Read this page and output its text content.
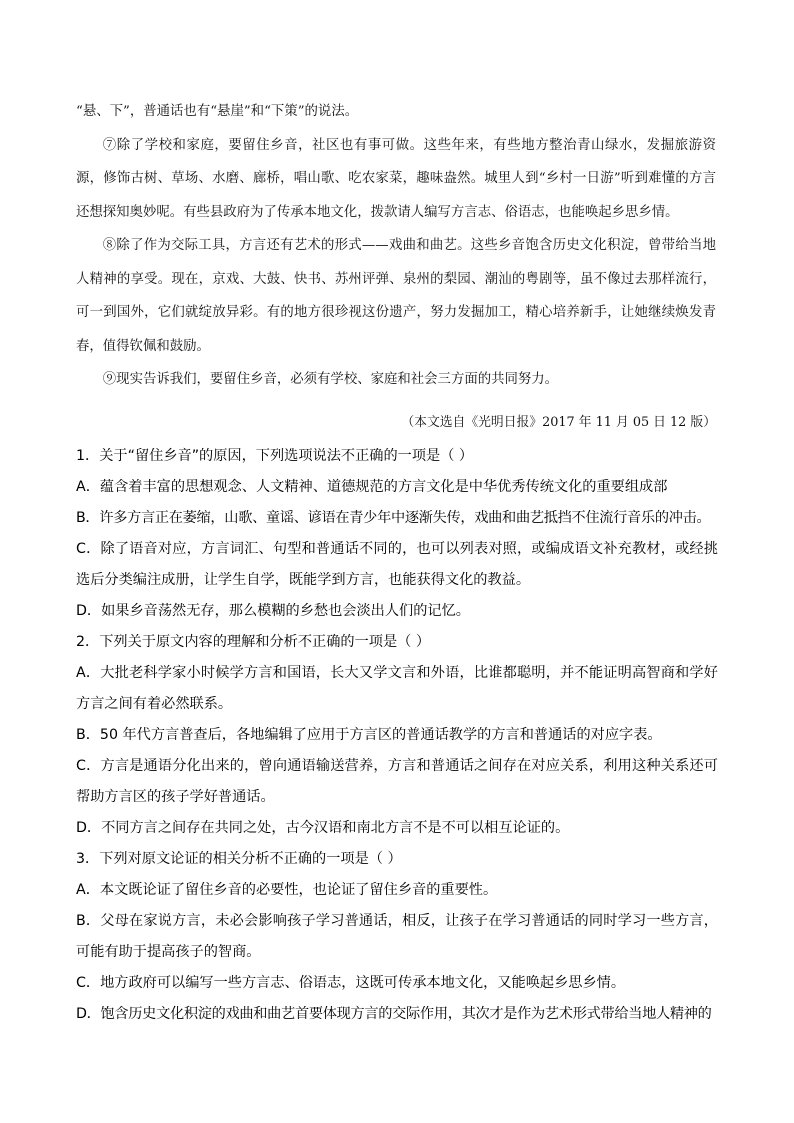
“悬、下”，普通话也有“悬崖”和“下策”的说法。

⑦除了学校和家庭，要留住乡音，社区也有事可做。这些年来，有些地方整治青山绿水，发掘旅游资源，修饰古树、草场、水磨、廊桥，唱山歌、吃农家菜，趣味盎然。城里人到“乡村一日游”听到难懂的方言还想探知奥妙呢。有些县政府为了传承本地文化，拨款请人编写方言志、俗语志，也能唤起乡思乡情。

⑧除了作为交际工具，方言还有艺术的形式——戏曲和曲艺。这些乡音饱含历史文化积淀，曾带给当地人精神的享受。现在，京戏、大鼓、快书、苏州评弹、泉州的梨园、潮汕的粤剧等，虽不像过去那样流行，可一到国外，它们就绽放异彩。有的地方很珍视这份遗产，努力发掘加工，精心培养新手，让她继续焕发青春，值得钦佩和鼓励。

⑨现实告诉我们，要留住乡音，必须有学校、家庭和社会三方面的共同努力。

（本文选自《光明日报》2017 年 11 月 05 日 12 版）

1．关于“留住乡音”的原因，下列选项说法不正确的一项是（ ）

A．蕴含着丰富的思想观念、人文精神、道德规范的方言文化是中华优秀传统文化的重要组成部

B．许多方言正在萎缩，山歌、童谣、谚语在青少年中逐渐失传，戏曲和曲艺抵挡不住流行音乐的冲击。

C．除了语音对应，方言词汇、句型和普通话不同的，也可以列表对照，或编成语文补充教材，或经挑选后分类编注成册，让学生自学，既能学到方言，也能获得文化的教益。

D．如果乡音荡然无存，那么模糊的乡愁也会淡出人们的记忆。

2．下列关于原文内容的理解和分析不正确的一项是（ ）

A．大批老科学家小时候学方言和国语，长大又学文言和外语，比谁都聪明，并不能证明高智商和学好方言之间有着必然联系。

B．50 年代方言普查后，各地编辑了应用于方言区的普通话教学的方言和普通话的对应字表。

C．方言是通语分化出来的，曾向通语输送营养，方言和普通话之间存在对应关系，利用这种关系还可帮助方言区的孩子学好普通话。

D．不同方言之间存在共同之处，古今汉语和南北方言不是不可以相互论证的。

3．下列对原文论证的相关分析不正确的一项是（ ）

A．本文既论证了留住乡音的必要性，也论证了留住乡音的重要性。

B．父母在家说方言，未必会影响孩子学习普通话，相反，让孩子在学习普通话的同时学习一些方言，可能有助于提高孩子的智商。

C．地方政府可以编写一些方言志、俗语志，这既可传承本地文化，又能唤起乡思乡情。

D．饱含历史文化积淀的戏曲和曲艺首要体现方言的交际作用，其次才是作为艺术形式带给当地人精神的
